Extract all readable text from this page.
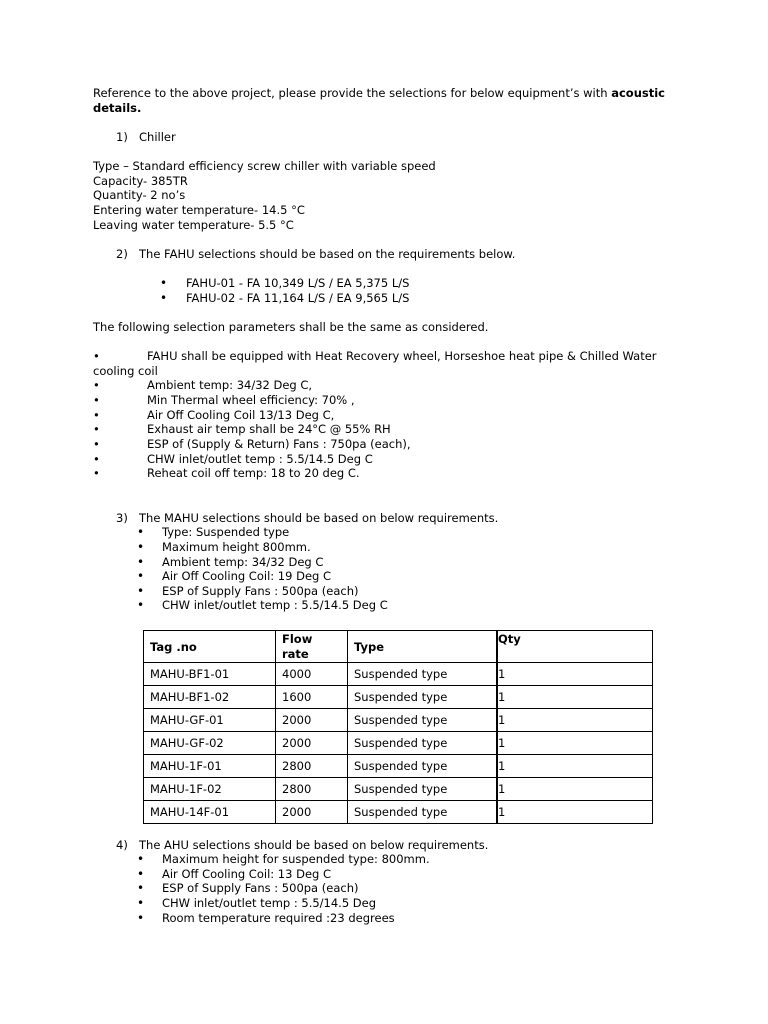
Reference to the above project, please provide the selections for below equipment’s with acoustic details.
1) Chiller
Type – Standard efficiency screw chiller with variable speed
Capacity- 385TR
Quantity- 2 no’s
Entering water temperature- 14.5 °C
Leaving water temperature- 5.5 °C
2) The FAHU selections should be based on the requirements below.
• FAHU-01 - FA 10,349 L/S / EA 5,375 L/S
• FAHU-02 - FA 11,164 L/S / EA 9,565 L/S
The following selection parameters shall be the same as considered.
•	FAHU shall be equipped with Heat Recovery wheel, Horseshoe heat pipe & Chilled Water
cooling coil
•	Ambient temp: 34/32 Deg C,
•	Min Thermal wheel efficiency: 70% ,
•	Air Off Cooling Coil 13/13 Deg C,
•	Exhaust air temp shall be 24°C @ 55% RH
•	ESP of (Supply & Return) Fans : 750pa (each),
•	CHW inlet/outlet temp : 5.5/14.5 Deg C
•	Reheat coil off temp: 18 to 20 deg C.
3) The MAHU selections should be based on below requirements.
• Type: Suspended type
• Maximum height 800mm.
• Ambient temp: 34/32 Deg C
• Air Off Cooling Coil: 19 Deg C
• ESP of Supply Fans : 500pa (each)
• CHW inlet/outlet temp : 5.5/14.5 Deg C
Tag .no	Flow rate	Type	Qty
MAHU-BF1-01	4000	Suspended type	1
MAHU-BF1-02	1600	Suspended type	1
MAHU-GF-01	2000	Suspended type	1
MAHU-GF-02	2000	Suspended type	1
MAHU-1F-01	2800	Suspended type	1
MAHU-1F-02	2800	Suspended type	1
MAHU-14F-01	2000	Suspended type	1
4) The AHU selections should be based on below requirements.
• Maximum height for suspended type: 800mm.
• Air Off Cooling Coil: 13 Deg C
• ESP of Supply Fans : 500pa (each)
• CHW inlet/outlet temp : 5.5/14.5 Deg
• Room temperature required :23 degrees
